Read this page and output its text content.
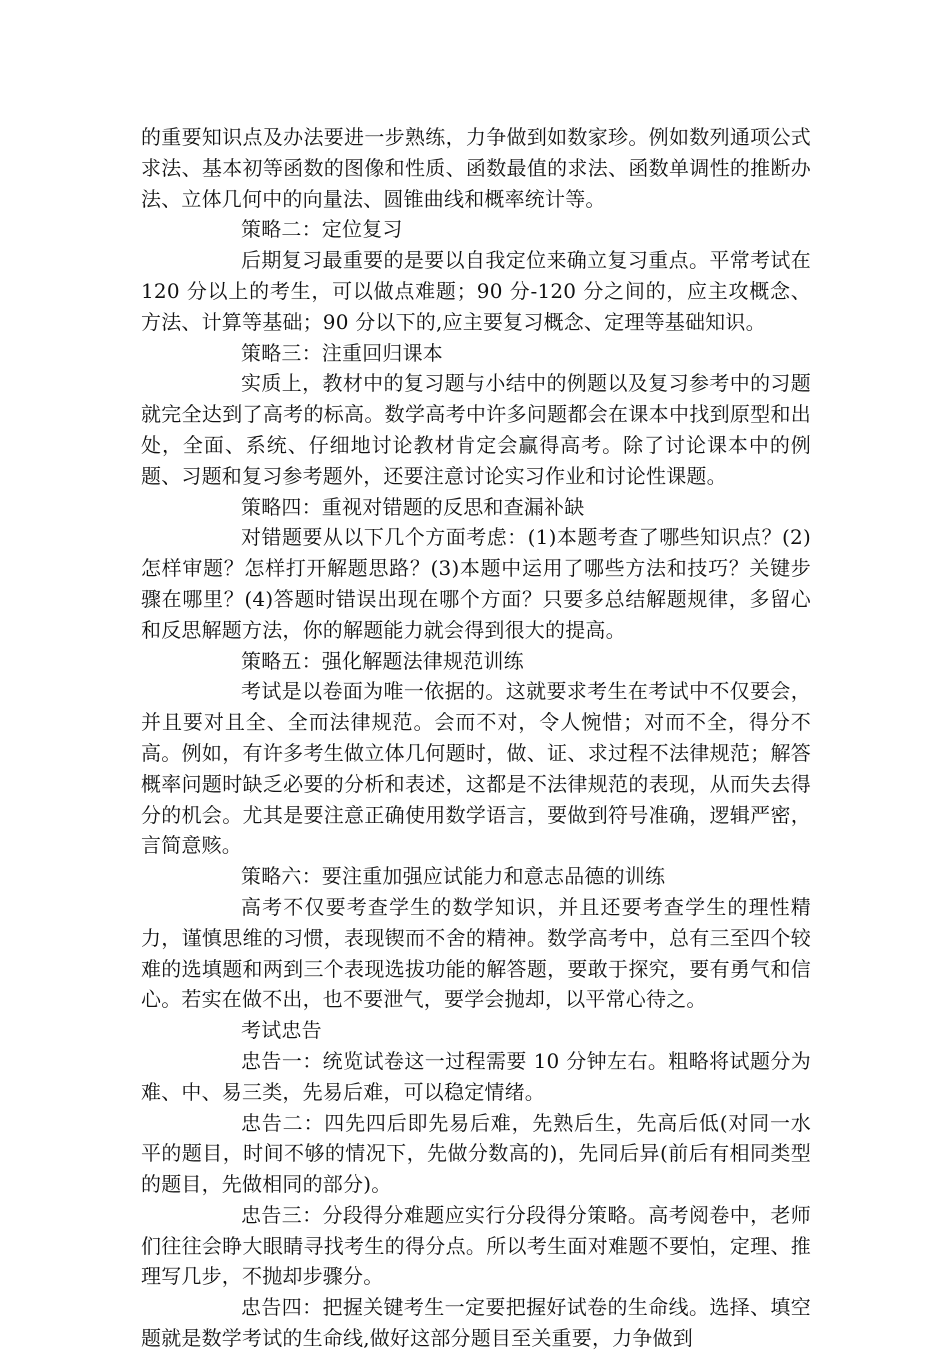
的重要知识点及办法要进一步熟练，力争做到如数家珍。例如数列通项公式求法、基本初等函数的图像和性质、函数最值的求法、函数单调性的推断办法、立体几何中的向量法、圆锥曲线和概率统计等。

策略二：定位复习

后期复习最重要的是要以自我定位来确立复习重点。平常考试在 120 分以上的考生，可以做点难题；90 分-120 分之间的，应主攻概念、方法、计算等基础；90 分以下的,应主要复习概念、定理等基础知识。

策略三：注重回归课本

实质上，教材中的复习题与小结中的例题以及复习参考中的习题就完全达到了高考的标高。数学高考中许多问题都会在课本中找到原型和出处，全面、系统、仔细地讨论教材肯定会赢得高考。除了讨论课本中的例题、习题和复习参考题外，还要注意讨论实习作业和讨论性课题。

策略四：重视对错题的反思和查漏补缺

对错题要从以下几个方面考虑：(1)本题考查了哪些知识点？(2)怎样审题？怎样打开解题思路？(3)本题中运用了哪些方法和技巧？关键步骤在哪里？(4)答题时错误出现在哪个方面？只要多总结解题规律，多留心和反思解题方法，你的解题能力就会得到很大的提高。

策略五：强化解题法律规范训练

考试是以卷面为唯一依据的。这就要求考生在考试中不仅要会，并且要对且全、全而法律规范。会而不对，令人惋惜；对而不全，得分不高。例如，有许多考生做立体几何题时，做、证、求过程不法律规范；解答概率问题时缺乏必要的分析和表述，这都是不法律规范的表现，从而失去得分的机会。尤其是要注意正确使用数学语言，要做到符号准确，逻辑严密，言简意赅。

策略六：要注重加强应试能力和意志品德的训练

高考不仅要考查学生的数学知识，并且还要考查学生的理性精力，谨慎思维的习惯，表现锲而不舍的精神。数学高考中，总有三至四个较难的选填题和两到三个表现选拔功能的解答题，要敢于探究，要有勇气和信心。若实在做不出，也不要泄气，要学会抛却，以平常心待之。

考试忠告

忠告一：统览试卷这一过程需要 10 分钟左右。粗略将试题分为难、中、易三类，先易后难，可以稳定情绪。

忠告二：四先四后即先易后难，先熟后生，先高后低(对同一水平的题目，时间不够的情况下，先做分数高的)，先同后异(前后有相同类型的题目，先做相同的部分)。

忠告三：分段得分难题应实行分段得分策略。高考阅卷中，老师们往往会睁大眼睛寻找考生的得分点。所以考生面对难题不要怕，定理、推理写几步，不抛却步骤分。

忠告四：把握关键考生一定要把握好试卷的生命线。选择、填空题就是数学考试的生命线,做好这部分题目至关重要，力争做到
